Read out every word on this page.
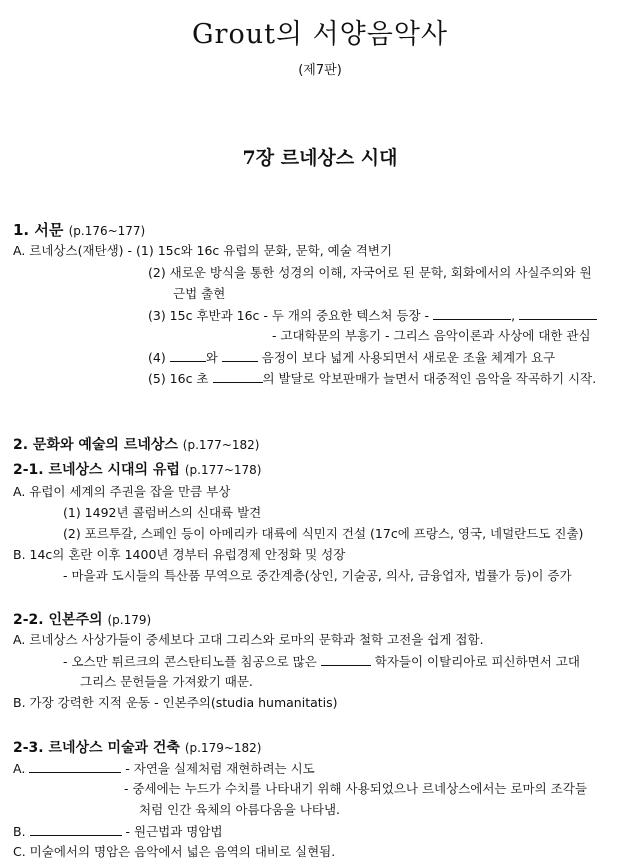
Grout의 서양음악사
(제7판)
7장 르네상스 시대
1. 서문 (p.176~177)
A. 르네상스(재탄생) - (1) 15c와 16c 유럽의 문화, 문학, 예술 격변기
(2) 새로운 방식을 통한 성경의 이해, 자국어로 된 문학, 회화에서의 사실주의와 원
근법 출현
(3) 15c 후반과 16c - 두 개의 중요한 텍스처 등장 -	,
- 고대학문의 부흥기 - 그리스 음악이론과 사상에 대한 관심
(4)	와	음정이 보다 넓게 사용되면서 새로운 조율 체계가 요구
(5) 16c 초	의 발달로 악보판매가 늘면서 대중적인 음악을 작곡하기 시작.
2. 문화와 예술의 르네상스 (p.177~182)
2-1. 르네상스 시대의 유럽 (p.177~178)
A. 유럽이 세계의 주권을 잡을 만큼 부상
(1) 1492년 콜럼버스의 신대륙 발견
(2) 포르투갈, 스페인 등이 아메리카 대륙에 식민지 건설 (17c에 프랑스, 영국, 네덜란드도 진출)
B. 14c의 혼란 이후 1400년 경부터 유럽경제 안정화 및 성장
- 마을과 도시들의 특산품 무역으로 중간계층(상인, 기술공, 의사, 금융업자, 법률가 등)이 증가
2-2. 인본주의 (p.179)
A. 르네상스 사상가들이 중세보다 고대 그리스와 로마의 문학과 철학 고전을 쉽게 접함.
- 오스만 튀르크의 콘스탄티노플 침공으로 많은	학자들이 이탈리아로 피신하면서 고대
그리스 문헌들을 가져왔기 때문.
B. 가장 강력한 지적 운동 - 인본주의(studia humanitatis)
2-3. 르네상스 미술과 건축 (p.179~182)
A.	- 자연을 실제처럼 재현하려는 시도
- 중세에는 누드가 수치를 나타내기 위해 사용되었으나 르네상스에서는 로마의 조각들
처럼 인간 육체의 아름다움을 나타냄.
B.	- 원근법과 명암법
C. 미술에서의 명암은 음악에서 넓은 음역의 대비로 실현됨.
